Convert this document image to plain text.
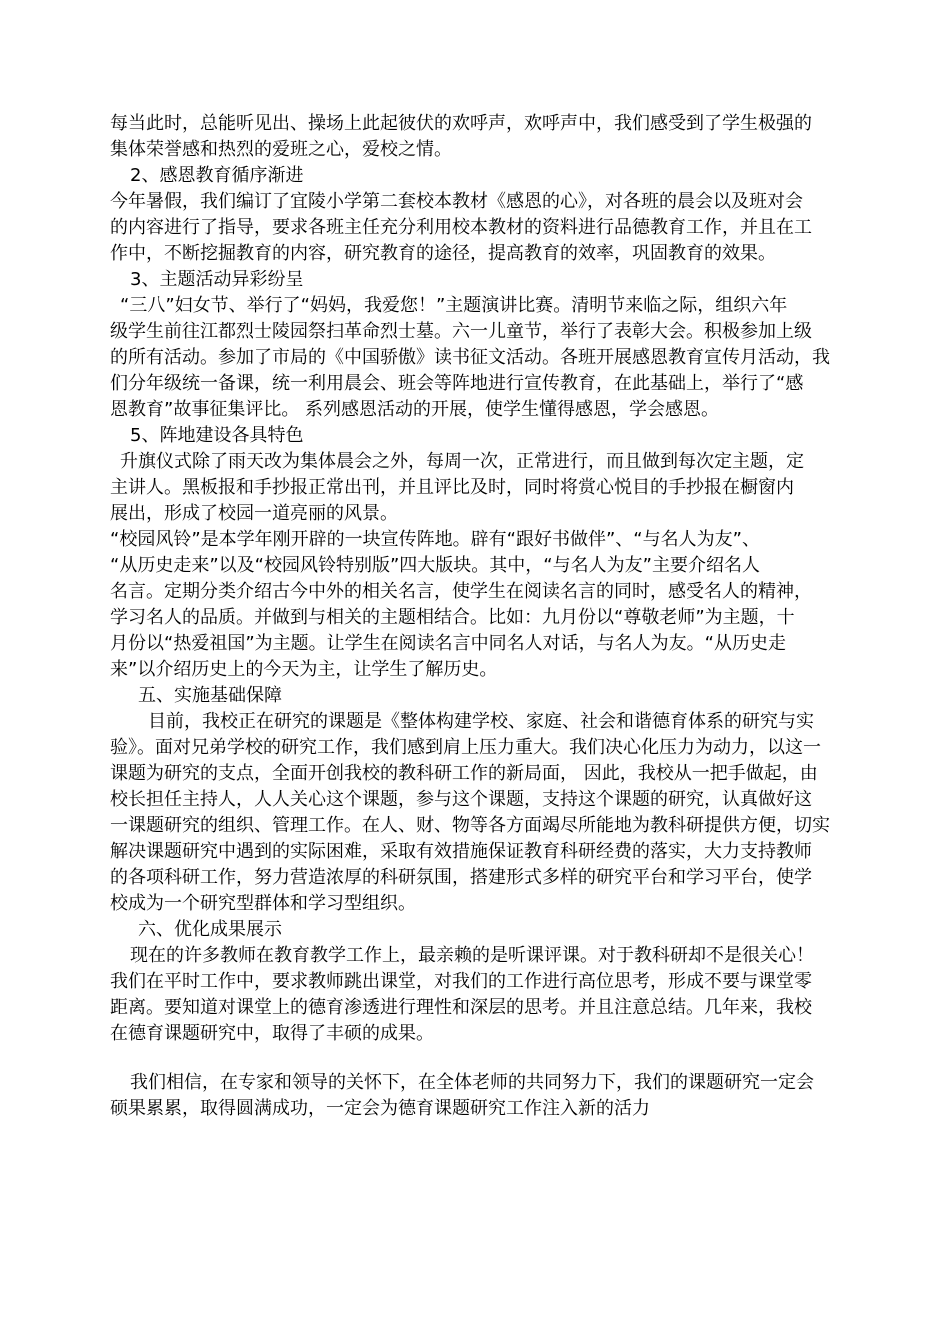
每当此时，总能听见出、操场上此起彼伏的欢呼声，欢呼声中，我们感受到了学生极强的
集体荣誉感和热烈的爱班之心，爱校之情。
2、感恩教育循序渐进
今年暑假，我们编订了宜陵小学第二套校本教材《感恩的心》，对各班的晨会以及班对会
的内容进行了指导，要求各班主任充分利用校本教材的资料进行品德教育工作，并且在工
作中，不断挖掘教育的内容，研究教育的途径，提高教育的效率，巩固教育的效果。
3、主题活动异彩纷呈
“三八”妇女节、举行了“妈妈，我爱您！”主题演讲比赛。清明节来临之际，组织六年
级学生前往江都烈士陵园祭扫革命烈士墓。六一儿童节，举行了表彰大会。积极参加上级
的所有活动。参加了市局的《中国骄傲》读书征文活动。各班开展感恩教育宣传月活动，我
们分年级统一备课，统一利用晨会、班会等阵地进行宣传教育，在此基础上，举行了“感
恩教育”故事征集评比。 系列感恩活动的开展，使学生懂得感恩，学会感恩。
5、阵地建设各具特色
升旗仪式除了雨天改为集体晨会之外，每周一次，正常进行，而且做到每次定主题，定
主讲人。黑板报和手抄报正常出刊，并且评比及时，同时将赏心悦目的手抄报在橱窗内
展出，形成了校园一道亮丽的风景。
“校园风铃”是本学年刚开辟的一块宣传阵地。辟有“跟好书做伴”、“与名人为友”、
“从历史走来”以及“校园风铃特别版”四大版块。其中，“与名人为友”主要介绍名人
名言。定期分类介绍古今中外的相关名言，使学生在阅读名言的同时，感受名人的精神，
学习名人的品质。并做到与相关的主题相结合。比如：九月份以“尊敬老师”为主题，十
月份以“热爱祖国”为主题。让学生在阅读名言中同名人对话，与名人为友。“从历史走
来”以介绍历史上的今天为主，让学生了解历史。
五、实施基础保障
目前，我校正在研究的课题是《整体构建学校、家庭、社会和谐德育体系的研究与实
验》。面对兄弟学校的研究工作，我们感到肩上压力重大。我们决心化压力为动力，以这一
课题为研究的支点，全面开创我校的教科研工作的新局面， 因此，我校从一把手做起，由
校长担任主持人，人人关心这个课题，参与这个课题，支持这个课题的研究，认真做好这
一课题研究的组织、管理工作。在人、财、物等各方面竭尽所能地为教科研提供方便，切实
解决课题研究中遇到的实际困难，采取有效措施保证教育科研经费的落实，大力支持教师
的各项科研工作，努力营造浓厚的科研氛围，搭建形式多样的研究平台和学习平台，使学
校成为一个研究型群体和学习型组织。
六、优化成果展示
现在的许多教师在教育教学工作上，最亲赖的是听课评课。对于教科研却不是很关心！
我们在平时工作中，要求教师跳出课堂，对我们的工作进行高位思考，形成不要与课堂零
距离。要知道对课堂上的德育渗透进行理性和深层的思考。并且注意总结。几年来，我校
在德育课题研究中，取得了丰硕的成果。
我们相信，在专家和领导的关怀下，在全体老师的共同努力下，我们的课题研究一定会
硕果累累，取得圆满成功，一定会为德育课题研究工作注入新的活力
